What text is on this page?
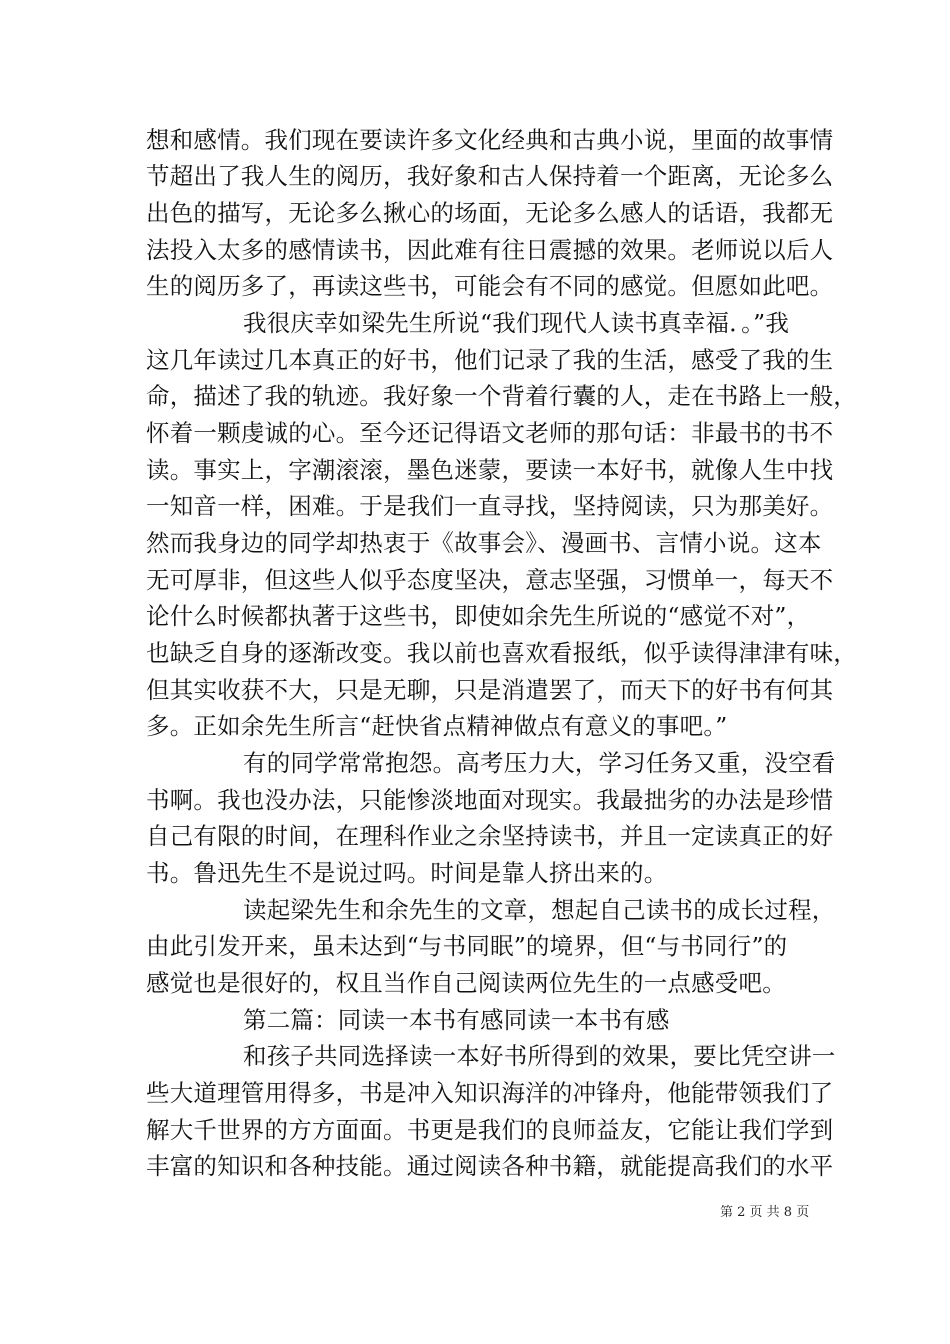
想和感情。我们现在要读许多文化经典和古典小说，里面的故事情
节超出了我人生的阅历，我好象和古人保持着一个距离，无论多么
出色的描写，无论多么揪心的场面，无论多么感人的话语，我都无
法投入太多的感情读书，因此难有往日震撼的效果。老师说以后人
生的阅历多了，再读这些书，可能会有不同的感觉。但愿如此吧。
我很庆幸如梁先生所说“我们现代人读书真幸福．。”我
这几年读过几本真正的好书，他们记录了我的生活，感受了我的生
命，描述了我的轨迹。我好象一个背着行囊的人，走在书路上一般，
怀着一颗虔诚的心。至今还记得语文老师的那句话：非最书的书不
读。事实上，字潮滚滚，墨色迷蒙，要读一本好书，就像人生中找
一知音一样，困难。于是我们一直寻找，坚持阅读，只为那美好。
然而我身边的同学却热衷于《故事会》、漫画书、言情小说。这本
无可厚非，但这些人似乎态度坚决，意志坚强，习惯单一，每天不
论什么时候都执著于这些书，即使如余先生所说的“感觉不对”，
也缺乏自身的逐渐改变。我以前也喜欢看报纸，似乎读得津津有味，
但其实收获不大，只是无聊，只是消遣罢了，而天下的好书有何其
多。正如余先生所言“赶快省点精神做点有意义的事吧。”
有的同学常常抱怨。高考压力大，学习任务又重，没空看
书啊。我也没办法，只能惨淡地面对现实。我最拙劣的办法是珍惜
自己有限的时间，在理科作业之余坚持读书，并且一定读真正的好
书。鲁迅先生不是说过吗。时间是靠人挤出来的。
读起梁先生和余先生的文章，想起自己读书的成长过程，
由此引发开来，虽未达到“与书同眠”的境界，但“与书同行”的
感觉也是很好的，权且当作自己阅读两位先生的一点感受吧。
第二篇：同读一本书有感同读一本书有感
和孩子共同选择读一本好书所得到的效果，要比凭空讲一
些大道理管用得多，书是冲入知识海洋的冲锋舟，他能带领我们了
解大千世界的方方面面。书更是我们的良师益友，它能让我们学到
丰富的知识和各种技能。通过阅读各种书籍，就能提高我们的水平
第 2 页 共 8 页
